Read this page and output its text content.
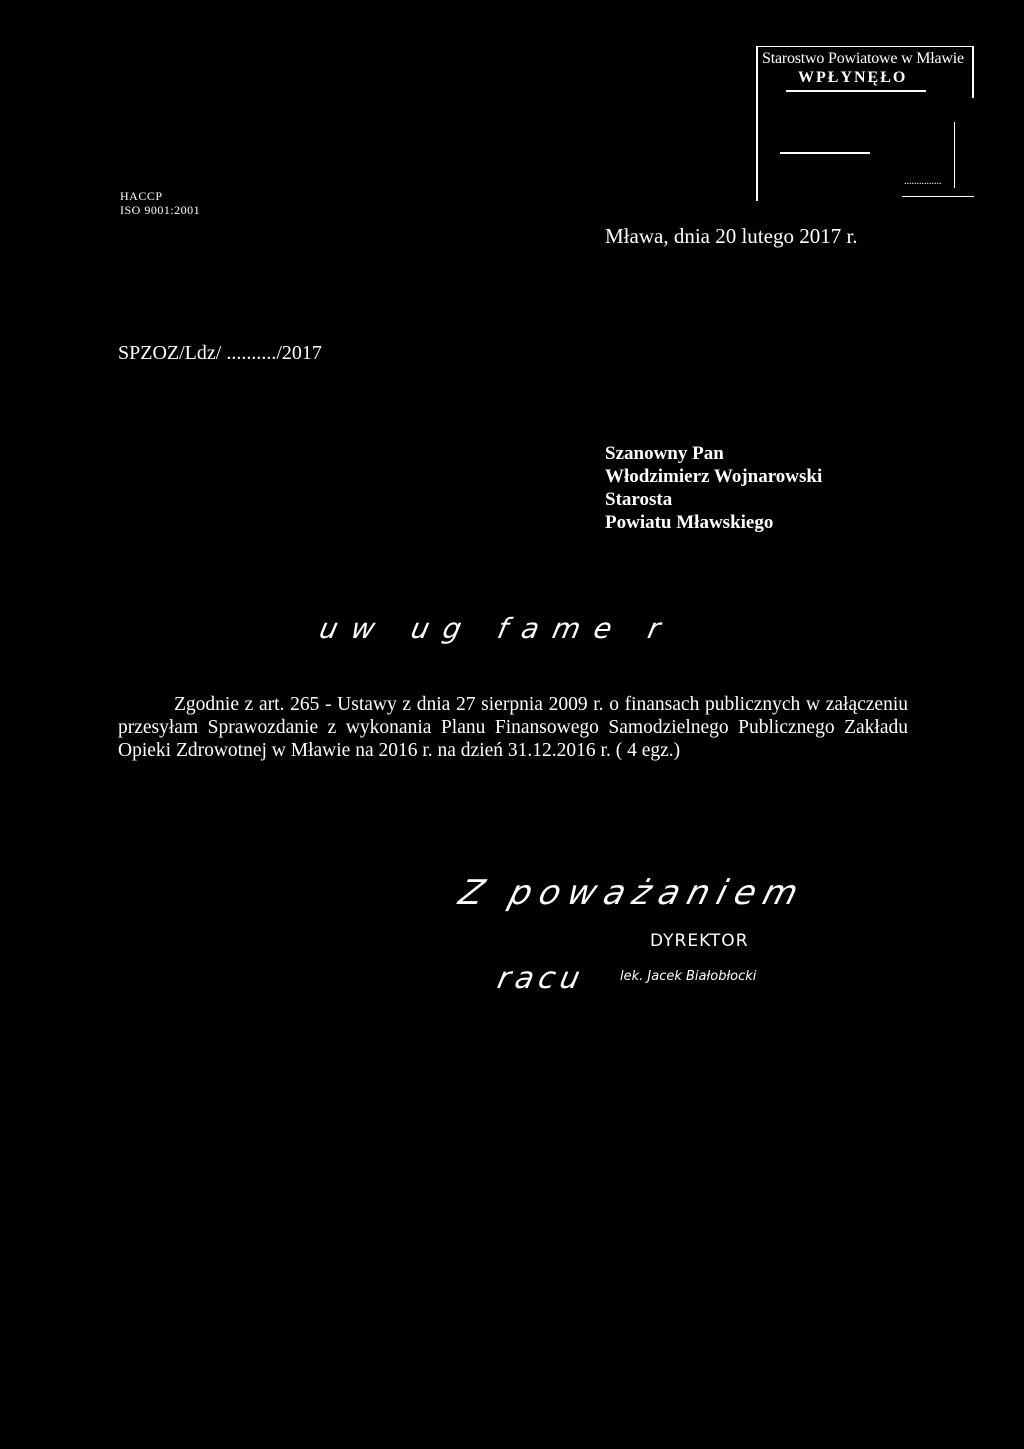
Starostwo Powiatowe w Mławie
WPŁYNĘŁO
...............
HACCP
ISO 9001:2001
Mława, dnia 20 lutego 2017 r.
SPZOZ/Ldz/ ........../2017
Szanowny Pan
Włodzimierz Wojnarowski
Starosta
Powiatu Mławskiego
uw ug fame r
Zgodnie z art. 265 - Ustawy z dnia 27 sierpnia 2009 r. o finansach publicznych w załączeniu przesyłam Sprawozdanie z wykonania Planu Finansowego Samodzielnego Publicznego Zakładu Opieki Zdrowotnej w Mławie na 2016 r. na dzień 31.12.2016 r. ( 4 egz.)
Z poważaniem
DYREKTOR
racu lek. Jacek Białobłocki
